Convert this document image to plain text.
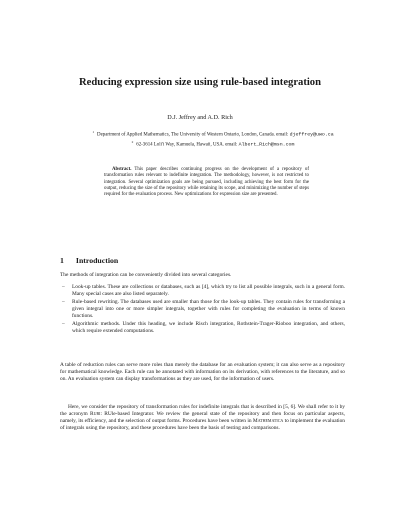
Reducing expression size using rule-based integration
D.J. Jeffrey and A.D. Rich
$^1$Department of Applied Mathematics, The University of Western Ontario, London, Canada. email: djeffrey@uwo.ca
$^2$62-3614 Loli'i Way, Kamuela, Hawaii, USA. email: Albert_Rich@msn.com
Abstract. This paper describes continuing progress on the development of a repository of transformation rules relevant to indefinite integration. The methodology, however, is not restricted to integration. Several optimization goals are being pursued, including achieving the best form for the output, reducing the size of the repository while retaining its scope, and minimizing the number of steps required for the evaluation process. New optimizations for expression size are presented.
1 Introduction
The methods of integration can be conveniently divided into several categories.
–	Look-up tables. These are collections or databases, such as [4], which try to list all possible integrals, such in a general form. Many special cases are also listed separately.
–	Rule-based rewriting. The databases used are smaller than those for the look-up tables. They contain rules for transforming a given integral into one or more simpler integrals, together with rules for completing the evaluation in terms of known functions.
–	Algorithmic methods. Under this heading, we include Risch integration, Rothstein-Trager-Rioboo integration, and others, which require extended computations.
A table of reduction rules can serve more roles than merely the database for an evaluation system; it can also serve as a repository for mathematical knowledge. Each rule can be annotated with information on its derivation, with references to the literature, and so on. An evaluation system can display transformations as they are used, for the information of users.
Here, we consider the repository of transformation rules for indefinite integrals that is described in [5, 6]. We shall refer to it by the acronym Rubi: RUle-based Integrator. We review the general state of the repository and then focus on particular aspects, namely, its efficiency, and the selection of output forms. Procedures have been written in Mathematica to implement the evaluation of integrals using the repository, and these procedures have been the basis of testing and comparisons.
